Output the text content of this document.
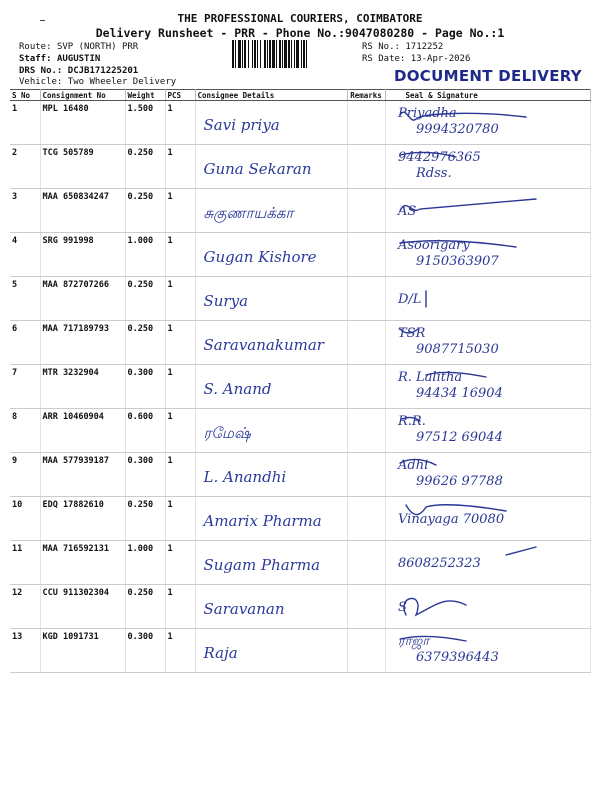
THE PROFESSIONAL COURIERS, COIMBATORE
Delivery Runsheet - PRR - Phone No.:9047080280 - Page No.:1
Route: SVP (NORTH) PRR
Staff: AUGUSTIN
DRS No.: DCJB171225201
Vehicle: Two Wheeler Delivery
RS No.: 1712252
RS Date: 13-Apr-2026
DOCUMENT DELIVERY
S No	Consignment No	Weight	PCS	Consignee Details	Remarks	Seal & Signature
1	MPL 16480	1.500	1	Savi priya		Priyadha
9994320780

2	TCG 505789	0.250	1	Guna Sekaran		9442976365
Rdss.

3	MAA 650834247	0.250	1	சுகுணாயக்கா		AS

4	SRG 991998	1.000	1	Gugan Kishore		Asoorigary
9150363907

5	MAA 872707266	0.250	1	Surya		D/L

6	MAA 717189793	0.250	1	Saravanakumar		TSR
9087715030

7	MTR 3232904	0.300	1	S. Anand		R. Lalitha
94434 16904

8	ARR 10460904	0.600	1	ரமேஷ்		R.R.
97512 69044

9	MAA 577939187	0.300	1	L. Anandhi		Adhi
99626 97788

10	EDQ 17882610	0.250	1	Amarix Pharma		Vinayaga 70080

11	MAA 716592131	1.000	1	Sugam Pharma		8608252323

12	CCU 911302304	0.250	1	Saravanan		S

13	KGD 1091731	0.300	1	Raja		ராஜா
6379396443
